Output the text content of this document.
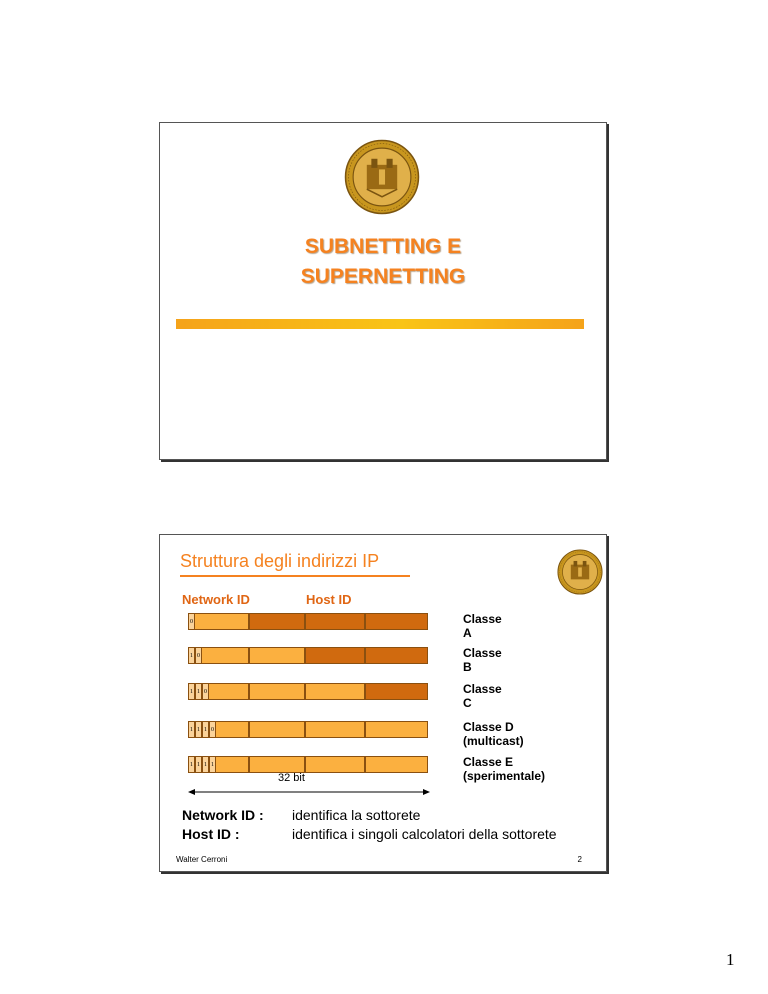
SUBNETTING E
SUPERNETTING
Struttura degli indirizzi IP
Network ID	Host ID
0	Classe A
1 0	Classe B
1 1 0	Classe C
1 1 1 0	Classe D (multicast)
1 1 1 1	Classe E (sperimentale)
32 bit
Network ID : identifica la sottorete
Host ID :	identifica i singoli calcolatori della sottorete
Walter Cerroni	2
1
